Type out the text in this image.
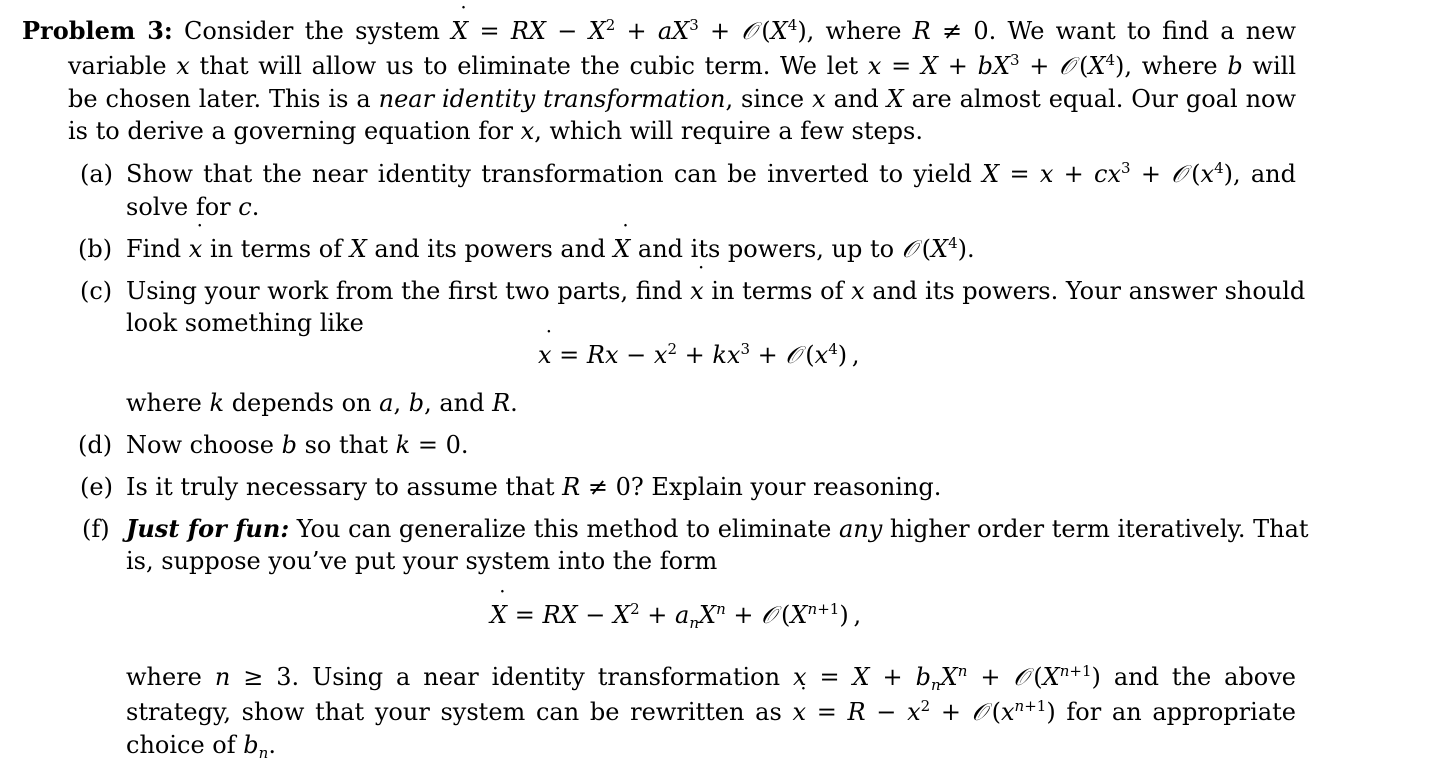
Problem 3: Consider the system X ˙ = RX − $X^2 + aX^3$ + 𝒪 $(X^4)$, where R ≠ 0. We want to find a new
variable x that will allow us to eliminate the cubic term. We let $x = X + bX^3$ + 𝒪 $(X^4)$, where b will
be chosen later. This is a near identity transformation, since x and X are almost equal. Our goal now
is to derive a governing equation for x, which will require a few steps.
(a) Show that the near identity transformation can be inverted to yield $X = x + cx^3$ + 𝒪 $(x^4)$, and
solve for c.
(b) Find x ˙ in terms of X and its powers and X ˙ and its powers, up to 𝒪 $(X^4)$.
(c) Using your work from the first two parts, find x ˙ in terms of x and its powers. Your answer should
look something like
x ˙ = $Rx - x^2 + kx^3$ + 𝒪 $(x^4)$ ,
where k depends on a, b, and R.
(d) Now choose b so that k = 0.
(e) Is it truly necessary to assume that R ≠ 0? Explain your reasoning.
(f) Just for fun: You can generalize this method to eliminate any higher order term iteratively. That
is, suppose you’ve put your system into the form
X ˙ = RX − $X^2 + a_nX^n$ + 𝒪 $(X^{n+1})$ ,
where n ≥ 3. Using a near identity transformation $x = X + b_nX^n$ + 𝒪 $(X^{n+1})$ and the above
strategy, show that your system can be rewritten as x ˙ = $R - x^2$ + 𝒪 $(x^{n+1})$ for an appropriate
choice of $b_n$.
